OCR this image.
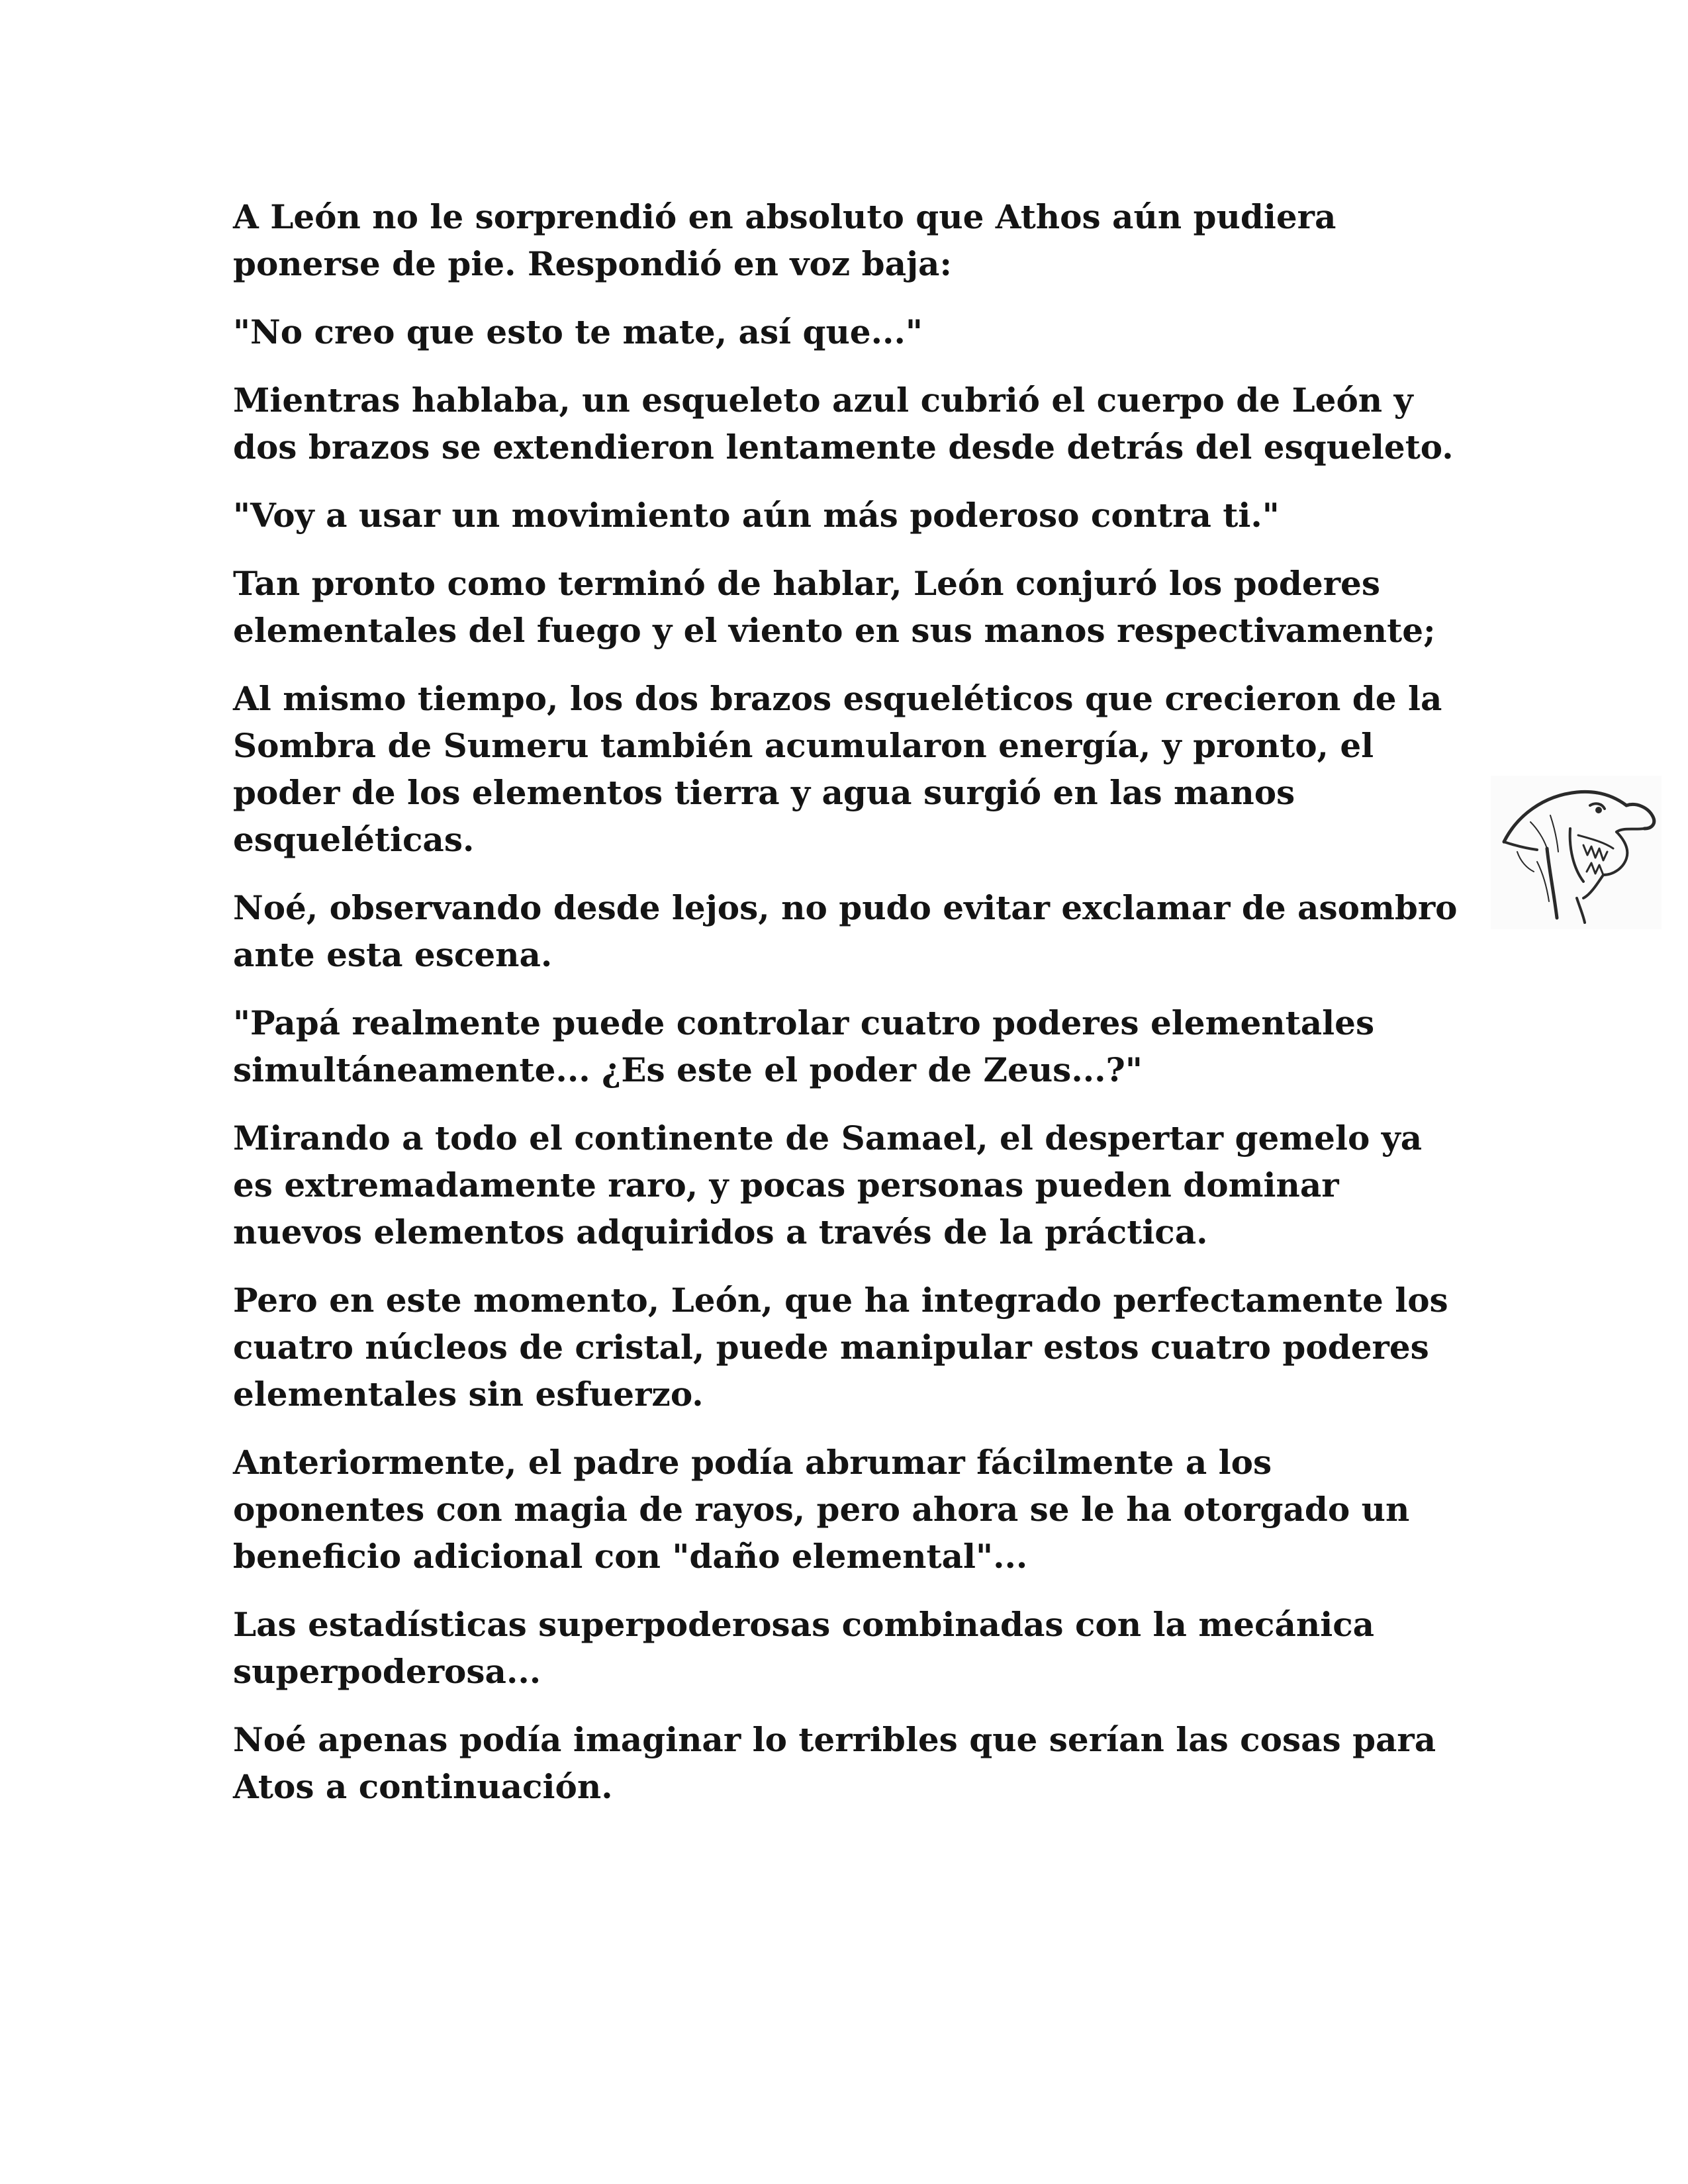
A León no le sorprendió en absoluto que Athos aún pudiera ponerse de pie. Respondió en voz baja:

"No creo que esto te mate, así que..."

Mientras hablaba, un esqueleto azul cubrió el cuerpo de León y dos brazos se extendieron lentamente desde detrás del esqueleto.

"Voy a usar un movimiento aún más poderoso contra ti."

Tan pronto como terminó de hablar, León conjuró los poderes elementales del fuego y el viento en sus manos respectivamente;

Al mismo tiempo, los dos brazos esqueléticos que crecieron de la Sombra de Sumeru también acumularon energía, y pronto, el poder de los elementos tierra y agua surgió en las manos esqueléticas.

Noé, observando desde lejos, no pudo evitar exclamar de asombro ante esta escena.

"Papá realmente puede controlar cuatro poderes elementales simultáneamente... ¿Es este el poder de Zeus...?"

Mirando a todo el continente de Samael, el despertar gemelo ya es extremadamente raro, y pocas personas pueden dominar nuevos elementos adquiridos a través de la práctica.

Pero en este momento, León, que ha integrado perfectamente los cuatro núcleos de cristal, puede manipular estos cuatro poderes elementales sin esfuerzo.

Anteriormente, el padre podía abrumar fácilmente a los oponentes con magia de rayos, pero ahora se le ha otorgado un beneficio adicional con "daño elemental"...

Las estadísticas superpoderosas combinadas con la mecánica superpoderosa...

Noé apenas podía imaginar lo terribles que serían las cosas para Atos a continuación.
